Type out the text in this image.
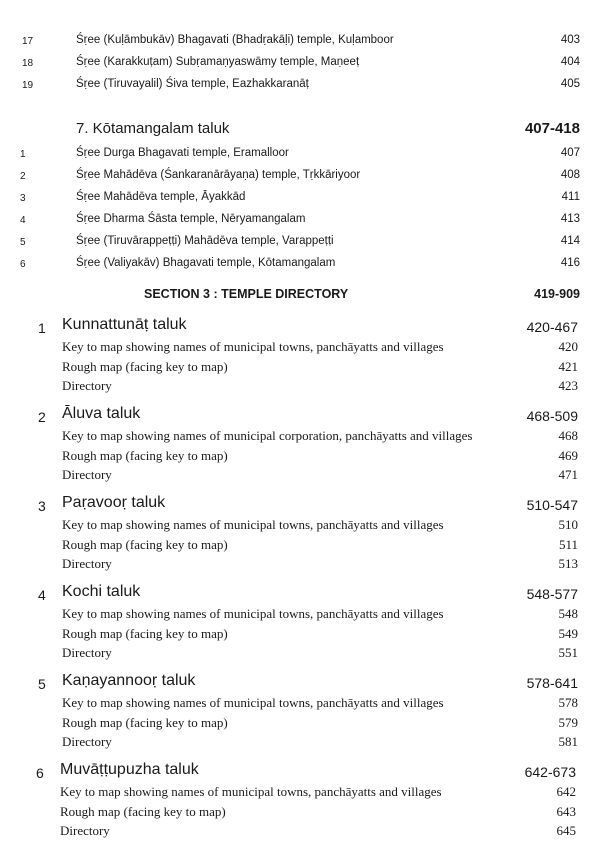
17	Śṛee (Kuḷāmbukāv) Bhagavati (Bhadṛakāḷi) temple, Kuḷamboor	403
18	Śṛee (Karakkuṭam) Subṛamaṇyaswāmy temple, Maṇeeṭ	404
19	Śṛee (Tiruvayalil) Śiva temple, Eazhakkaranāṭ	405
7. Kōtamangalam taluk	407-418
1	Śṛee Durga Bhagavati temple, Eramalloor	407
2	Śṛee Mahādēva (Śankaranārāyaṇa) temple, Tṛkkāriyoor	408
3	Śṛee Mahādēva temple, Āyakkād	411
4	Śṛee Dharma Śāsta temple, Nēryamangalam	413
5	Śṛee (Tiruvārappeṭṭi) Mahādēva temple, Varappeṭṭi	414
6	Śṛee (Valiyakāv) Bhagavati temple, Kōtamangalam	416
SECTION 3 : TEMPLE DIRECTORY	419-909
1 Kunnattunāṭ taluk	420-467
Key to map showing names of municipal towns, panchāyatts and villages	420
Rough map (facing key to map)	421
Directory	423
2 Āluva taluk	468-509
Key to map showing names of municipal corporation, panchāyatts and villages	468
Rough map (facing key to map)	469
Directory	471
3 Paṛavooṛ taluk	510-547
Key to map showing names of municipal towns, panchāyatts and villages	510
Rough map (facing key to map)	511
Directory	513
4 Kochi taluk	548-577
Key to map showing names of municipal towns, panchāyatts and villages	548
Rough map (facing key to map)	549
Directory	551
5 Kaṇayannooṛ taluk	578-641
Key to map showing names of municipal towns, panchāyatts and villages	578
Rough map (facing key to map)	579
Directory	581
6 Muvāṭṭupuzha taluk	642-673
Key to map showing names of municipal towns, panchāyatts and villages	642
Rough map (facing key to map)	643
Directory	645
